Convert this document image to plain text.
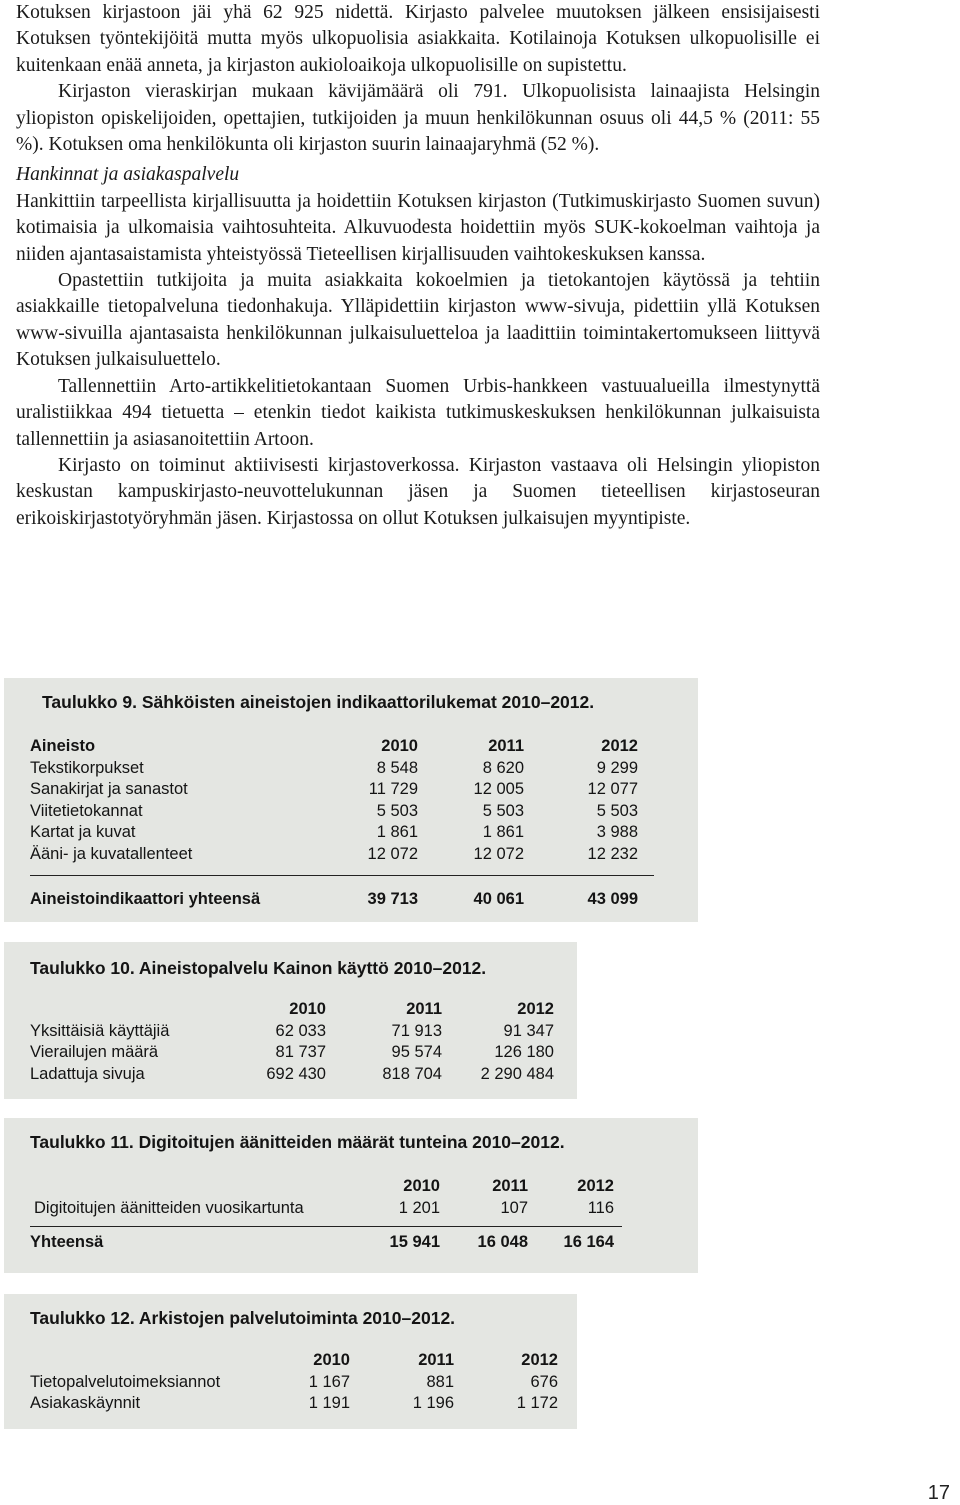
Kotuksen kirjastoon jäi yhä 62 925 nidettä. Kirjasto palvelee muutoksen jälkeen ensisijaisesti Kotuksen työntekijöitä mutta myös ulkopuolisia asiakkaita. Kotilainoja Kotuksen ulkopuolisille ei kuitenkaan enää anneta, ja kirjaston aukioloaikoja ulkopuolisille on supistettu.

Kirjaston vieraskirjan mukaan kävijämäärä oli 791. Ulkopuolisista lainaajista Helsingin yliopiston opiskelijoiden, opettajien, tutkijoiden ja muun henkilökunnan osuus oli 44,5 % (2011: 55 %). Kotuksen oma henkilökunta oli kirjaston suurin lainaajaryhmä (52 %).

Hankinnat ja asiakaspalvelu

Hankittiin tarpeellista kirjallisuutta ja hoidettiin Kotuksen kirjaston (Tutkimuskirjasto Suomen suvun) kotimaisia ja ulkomaisia vaihtosuhteita. Alkuvuodesta hoidettiin myös SUK-kokoelman vaihtoja ja niiden ajantasaistamista yhteistyössä Tieteellisen kirjallisuuden vaihtokeskuksen kanssa.

Opastettiin tutkijoita ja muita asiakkaita kokoelmien ja tietokantojen käytössä ja tehtiin asiakkaille tietopalveluna tiedonhakuja. Ylläpidettiin kirjaston www-sivuja, pidettiin yllä Kotuksen www-sivuilla ajantasaista henkilökunnan julkaisuluetteloa ja laadittiin toimintakertomukseen liittyvä Kotuksen julkaisuluettelo.

Tallennettiin Arto-artikkelitietokantaan Suomen Urbis-hankkeen vastuualueilla ilmestynyttä uralistiikkaa 494 tietuetta – etenkin tiedot kaikista tutkimuskeskuksen henkilökunnan julkaisuista tallennettiin ja asiasanoitettiin Artoon.

Kirjasto on toiminut aktiivisesti kirjastoverkossa. Kirjaston vastaava oli Helsingin yliopiston keskustan kampuskirjasto-neuvottelukunnan jäsen ja Suomen tieteellisen kirjastoseuran erikoiskirjastotyöryhmän jäsen. Kirjastossa on ollut Kotuksen julkaisujen myyntipiste.

Taulukko 9. Sähköisten aineistojen indikaattorilukemat 2010–2012.
Aineisto	2010	2011	2012
Tekstikorpukset	8 548	8 620	9 299
Sanakirjat ja sanastot	11 729	12 005	12 077
Viitetietokannat	5 503	5 503	5 503
Kartat ja kuvat	1 861	1 861	3 988
Ääni- ja kuvatallenteet	12 072	12 072	12 232
Aineistoindikaattori yhteensä	39 713	40 061	43 099
Taulukko 10. Aineistopalvelu Kainon käyttö 2010–2012.
	2010	2011	2012
Yksittäisiä käyttäjiä	62 033	71 913	91 347
Vierailujen määrä	81 737	95 574	126 180
Ladattuja sivuja	692 430	818 704	2 290 484
Taulukko 11. Digitoitujen äänitteiden määrät tunteina 2010–2012.
	2010	2011	2012
Digitoitujen äänitteiden vuosikartunta	1 201	107	116
Yhteensä	15 941	16 048	16 164
Taulukko 12. Arkistojen palvelutoiminta 2010–2012.
	2010	2011	2012
Tietopalvelutoimeksiannot	1 167	881	676
Asiakaskäynnit	1 191	1 196	1 172
17
